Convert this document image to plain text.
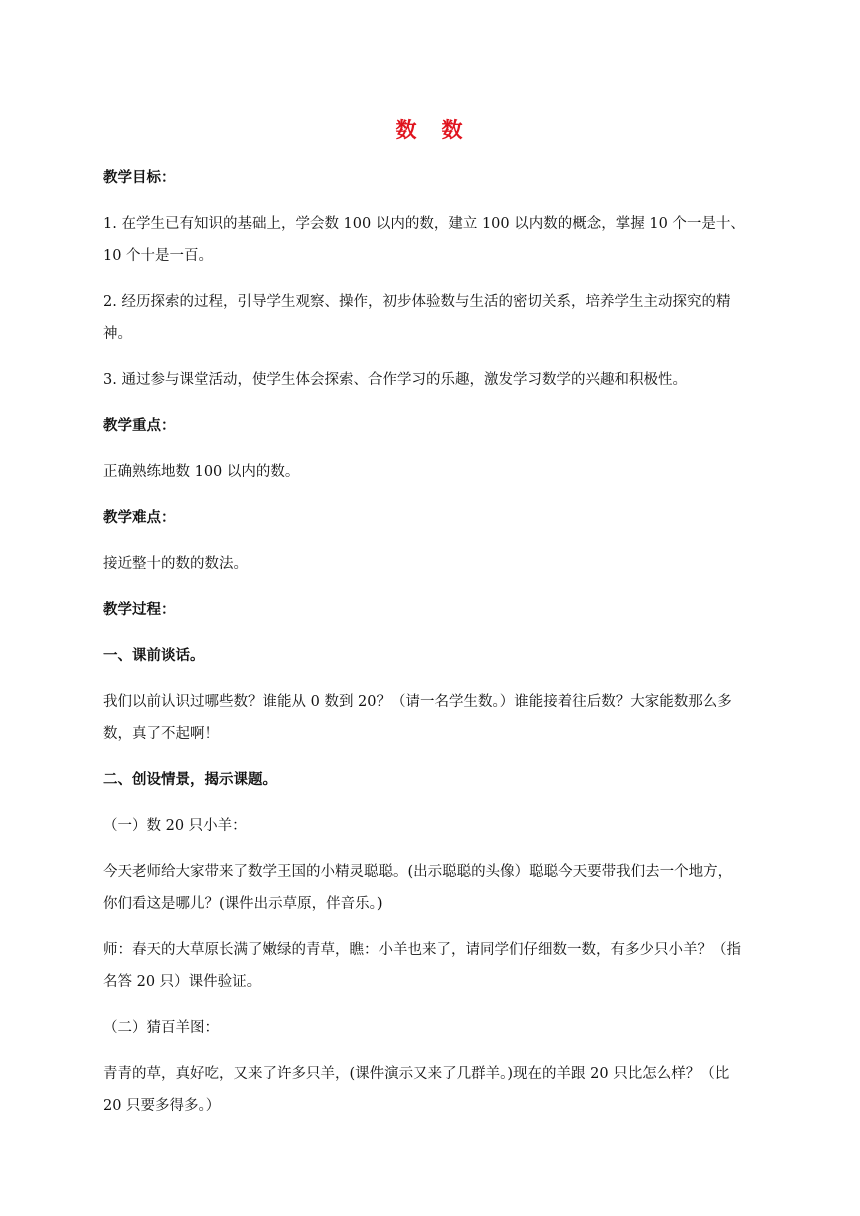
数　数
教学目标：
1. 在学生已有知识的基础上，学会数 100 以内的数，建立 100 以内数的概念，掌握 10 个一是十、
10 个十是一百。
2. 经历探索的过程，引导学生观察、操作，初步体验数与生活的密切关系，培养学生主动探究的精
神。
3. 通过参与课堂活动，使学生体会探索、合作学习的乐趣，激发学习数学的兴趣和积极性。
教学重点：
正确熟练地数 100 以内的数。
教学难点：
接近整十的数的数法。
教学过程：
一、课前谈话。
我们以前认识过哪些数？谁能从 0 数到 20？（请一名学生数。）谁能接着往后数？大家能数那么多
数，真了不起啊！
二、创设情景，揭示课题。
（一）数 20 只小羊：
今天老师给大家带来了数学王国的小精灵聪聪。(出示聪聪的头像）聪聪今天要带我们去一个地方，
你们看这是哪儿？(课件出示草原，伴音乐。)
师：春天的大草原长满了嫩绿的青草，瞧：小羊也来了，请同学们仔细数一数，有多少只小羊？（指
名答 20 只）课件验证。
（二）猜百羊图：
青青的草，真好吃，又来了许多只羊，(课件演示又来了几群羊。)现在的羊跟 20 只比怎么样？（比
20 只要多得多。）
